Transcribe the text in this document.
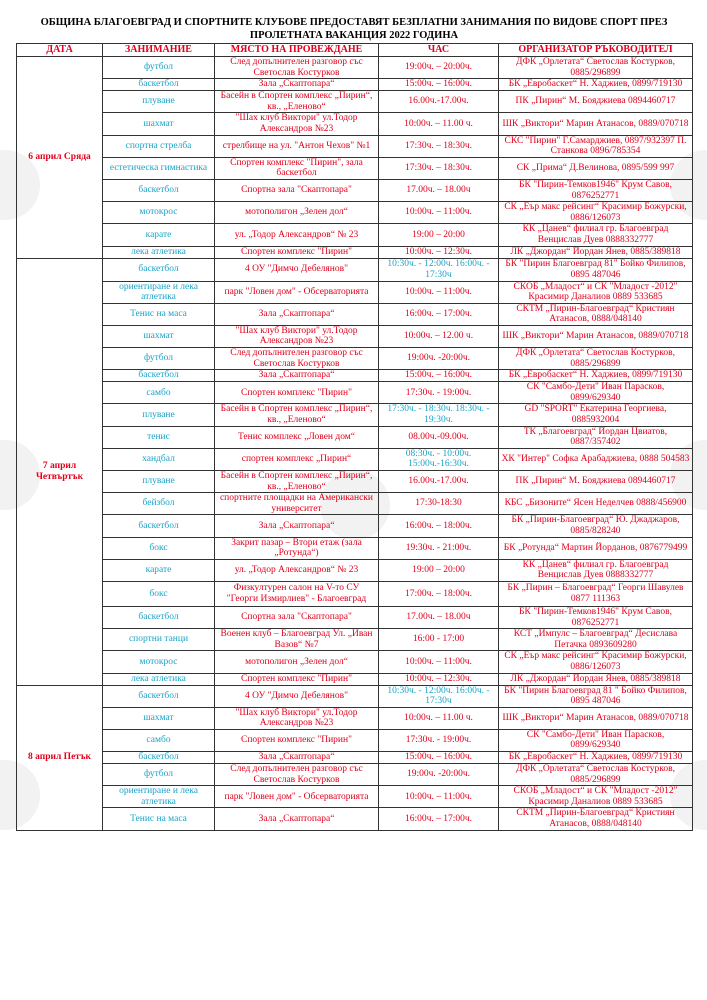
ОБЩИНА БЛАГОЕВГРАД И СПОРТНИТЕ КЛУБОВЕ ПРЕДОСТАВЯТ БЕЗПЛАТНИ ЗАНИМАНИЯ ПО ВИДОВЕ СПОРТ ПРЕЗ
ПРОЛЕТНАТА ВАКАНЦИЯ 2022 ГОДИНА
ДАТА	ЗАНИМАНИЕ	МЯСТО НА ПРОВЕЖДАНЕ	ЧАС	ОРГАНИЗАТОР РЪКОВОДИТЕЛ
6 април Сряда	футбол	След допълнителен разговор със Светослав Костурков	19:00ч. – 20:00ч.	ДФК „Орлетата“ Светослав Костурков, 0885/296899
	баскетбол	Зала „Скаптопара“	15:00ч. – 16:00ч.	БК „Евробаскет“ Н. Хаджиев, 0899/719130
	плуване	Басейн в Спортен комплекс „Пирин“, кв., „Еленово“	16.00ч.-17.00ч.	ПК „Пирин“ М. Бояджиева 0894460717
	шахмат	"Шах клуб Виктори" ул.Тодор Александров №23	10:00ч. – 11.00 ч.	ШК „Виктори“ Марин Атанасов, 0889/070718
	спортна стрелба	стрелбище на ул. "Антон Чехов" №1	17:30ч. – 18:30ч.	СКС "Пирин" Г.Самарджиев, 0897/932397 П. Станкова 0896/785354
	естетическа гимнастика	Спортен комплекс "Пирин", зала баскетбол	17:30ч. – 18:30ч.	СК „Прима“ Д.Велинова, 0895/599 997
	баскетбол	Спортна зала "Скаптопара"	17.00ч. – 18.00ч	БК "Пирин-Темков1946" Крум Савов, 0876252771
	мотокрос	мотополигон „Зелен дол“	10:00ч. – 11:00ч.	СК „Еър макс рейсинг“ Красимир Божурски, 0886/126073
	карате	ул. „Тодор Александров“ № 23	19:00 – 20:00	КК „Цанев“ филиал гр. Благоевград Венцислав Дуев 0888332777
	лека атлетика	Спортен комплекс "Пирин"	10:00ч. – 12:30ч.	ЛК „Джордан“ Йордан Янев, 0885/389818
7 април Четвъртък	баскетбол	4 ОУ "Димчо Дебелянов"	10:30ч. - 12:00ч. 16:00ч. - 17:30ч	БК "Пирин Благоевград 81" Бойко Филипов, 0895 487046
	ориентиране и лека атлетика	парк "Ловен дом" - Обсерваторията	10:00ч. – 11:00ч.	СКОБ „Младост“ и СК "Младост -2012" Красимир Даналиов 0889 533685
	Тенис на маса	Зала „Скаптопара“	16:00ч. – 17:00ч.	СКТМ „Пирин-Благоевград“ Кристиян Атанасов, 0888/048140
	шахмат	"Шах клуб Виктори" ул.Тодор Александров №23	10:00ч. – 12.00 ч.	ШК „Виктори“ Марин Атанасов, 0889/070718
	футбол	След допълнителен разговор със Светослав Костурков	19:00ч. -20:00ч.	ДФК „Орлетата“ Светослав Костурков, 0885/296899
	баскетбол	Зала „Скаптопара“	15:00ч. – 16:00ч.	БК „Евробаскет“ Н. Хаджиев, 0899/719130
	самбо	Спортен комплекс "Пирин"	17:30ч. - 19:00ч.	СК "Самбо-Дети" Иван Парасков, 0899/629340
	плуване	Басейн в Спортен комплекс „Пирин“, кв., „Еленово“	17:30ч. - 18:30ч. 18:30ч. - 19:30ч.	GD "SPORT" Екатерина Георгиева, 0885932004
	тенис	Тенис комплекс „Ловен дом“	08.00ч.-09.00ч.	ТК „Благоевград“ Йордан Цвиатов, 0887/357402
	хандбал	спортен комплекс „Пирин“	08:30ч. - 10:00ч. 15:00ч.-16:30ч.	ХК "Интер" Софка Арабаджиева, 0888 504583
	плуване	Басейн в Спортен комплекс „Пирин“, кв., „Еленово“	16.00ч.-17.00ч.	ПК „Пирин“ М. Бояджиева 0894460717
	бейзбол	спортните площадки на Американски университет	17:30-18:30	КБС „Бизоните“ Ясен Неделчев 0888/456900
	баскетбол	Зала „Скаптопара“	16:00ч. – 18:00ч.	БК „Пирин-Благоевград“ Ю. Джаджаров, 0885/828240
	бокс	Закрит пазар – Втори етаж (зала „Ротунда“)	19:30ч. - 21:00ч.	БК „Ротунда“ Мартин Йорданов, 0876779499
	карате	ул. „Тодор Александров“ № 23	19:00 – 20:00	КК „Цанев“ филиал гр. Благоевград Венцислав Дуев 0888332777
	бокс	Физкултурен салон на V-то СУ "Георги Измирлиев" - Благоевград	17:00ч. – 18:00ч.	БК „Пирин – Благоевград“ Георги Шавулев 0877 111363
	баскетбол	Спортна зала "Скаптопара"	17.00ч. – 18.00ч	БК "Пирин-Темков1946" Крум Савов, 0876252771
	спортни танци	Военен клуб – Благоевград Ул. „Иван Вазов“ №7	16:00 - 17:00	КСТ „Импулс – Благоевград“ Десислава Петачка 0893609280
	мотокрос	мотополигон „Зелен дол“	10:00ч. – 11:00ч.	СК „Еър макс рейсинг“ Красимир Божурски, 0886/126073
	лека атлетика	Спортен комплекс "Пирин"	10:00ч. – 12:30ч.	ЛК „Джордан“ Йордан Янев, 0885/389818
8 април Петък	баскетбол	4 ОУ "Димчо Дебелянов"	10:30ч. - 12:00ч. 16:00ч. - 17:30ч	БК "Пирин Благоевград 81 " Бойко Филипов, 0895 487046
	шахмат	"Шах клуб Виктори" ул.Тодор Александров №23	10:00ч. – 11.00 ч.	ШК „Виктори“ Марин Атанасов, 0889/070718
	самбо	Спортен комплекс "Пирин"	17:30ч. - 19:00ч.	СК "Самбо-Дети" Иван Парасков, 0899/629340
	баскетбол	Зала „Скаптопара“	15:00ч. – 16:00ч.	БК „Евробаскет“ Н. Хаджиев, 0899/719130
	футбол	След допълнителен разговор със Светослав Костурков	19:00ч. -20:00ч.	ДФК „Орлетата“ Светослав Костурков, 0885/296899
	ориентиране и лека атлетика	парк "Ловен дом" - Обсерваторията	10:00ч. – 11:00ч.	СКОБ „Младост“ и СК "Младост -2012" Красимир Даналиов 0889 533685
	Тенис на маса	Зала „Скаптопара“	16:00ч. – 17:00ч.	СКТМ „Пирин-Благоевград“ Кристиян Атанасов, 0888/048140
